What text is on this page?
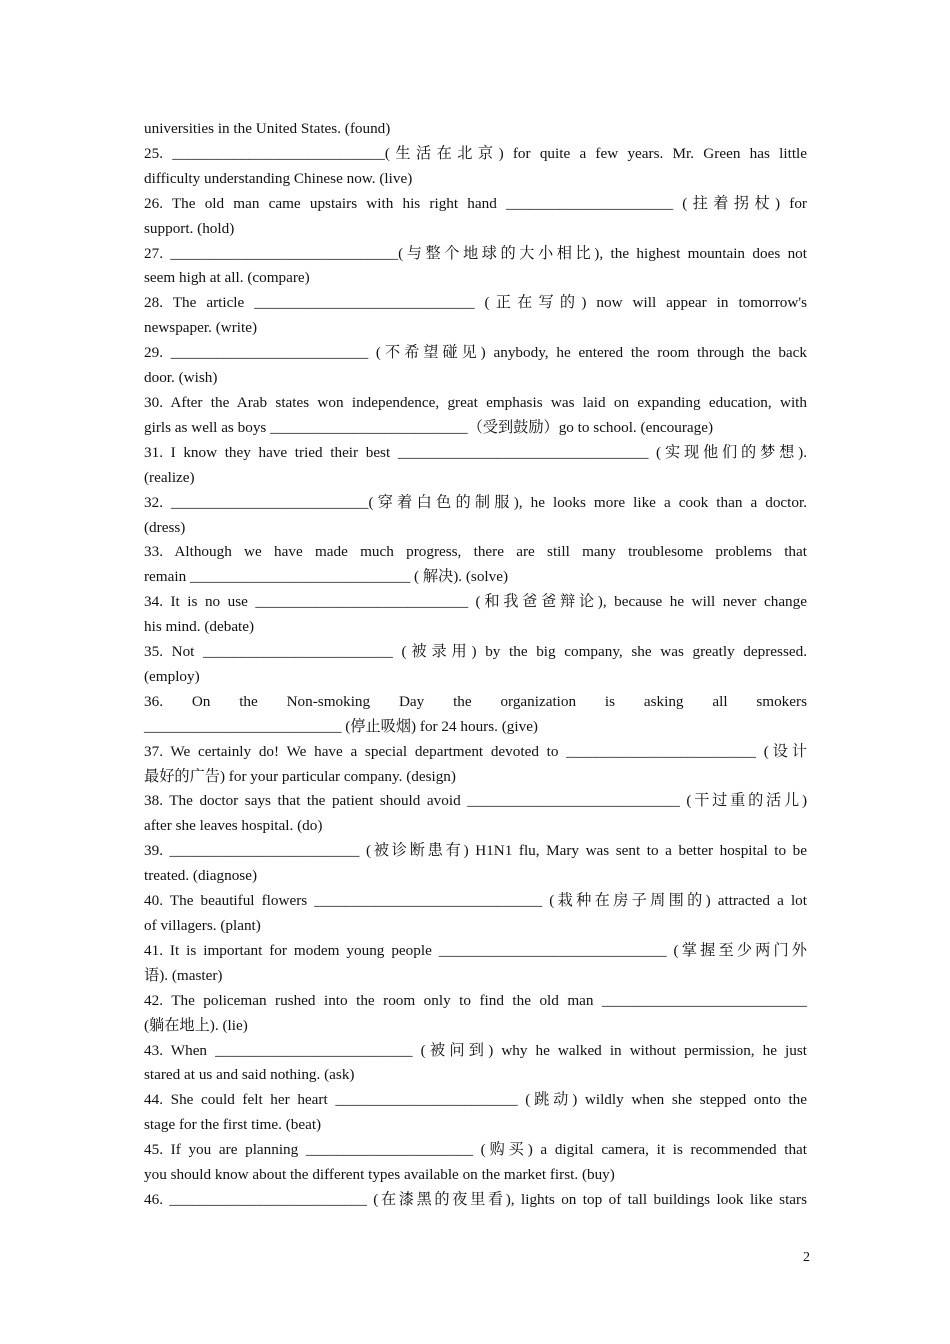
universities in the United States. (found)
25. ____________________________(生活在北京) for quite a few years. Mr. Green has little
difficulty understanding Chinese now. (live)
26. The old man came upstairs with his right hand ______________________ (拄着拐杖) for
support. (hold)
27. ______________________________(与整个地球的大小相比), the highest mountain does not
seem high at all. (compare)
28. The article _____________________________ (正在写的) now will appear in tomorrow's
newspaper. (write)
29. __________________________ (不希望碰见) anybody, he entered the room through the back
door. (wish)
30. After the Arab states won independence, great emphasis was laid on expanding education, with
girls as well as boys __________________________（受到鼓励）go to school. (encourage)
31. I know they have tried their best _________________________________ (实现他们的梦想).
(realize)
32. __________________________(穿着白色的制服), he looks more like a cook than a doctor.
(dress)
33. Although we have made much progress, there are still many troublesome problems that
remain _____________________________ ( 解决). (solve)
34. It is no use ____________________________ (和我爸爸辩论), because he will never change
his mind. (debate)
35. Not _________________________ (被录用) by the big company, she was greatly depressed.
(employ)
36. On the Non-smoking Day the organization is asking all smokers
__________________________ (停止吸烟) for 24 hours. (give)
37. We certainly do! We have a special department devoted to _________________________ (设计
最好的广告) for your particular company. (design)
38. The doctor says that the patient should avoid ____________________________ (干过重的活儿)
after she leaves hospital. (do)
39. _________________________ (被诊断患有) H1N1 flu, Mary was sent to a better hospital to be
treated. (diagnose)
40. The beautiful flowers ______________________________ (栽种在房子周围的) attracted a lot
of villagers. (plant)
41. It is important for modem young people ______________________________ (掌握至少两门外
语). (master)
42. The policeman rushed into the room only to find the old man ___________________________
(躺在地上). (lie)
43. When __________________________ (被问到) why he walked in without permission, he just
stared at us and said nothing. (ask)
44. She could felt her heart ________________________ (跳动) wildly when she stepped onto the
stage for the first time. (beat)
45. If you are planning ______________________ (购买) a digital camera, it is recommended that
you should know about the different types available on the market first. (buy)
46. __________________________ (在漆黑的夜里看), lights on top of tall buildings look like stars
2
